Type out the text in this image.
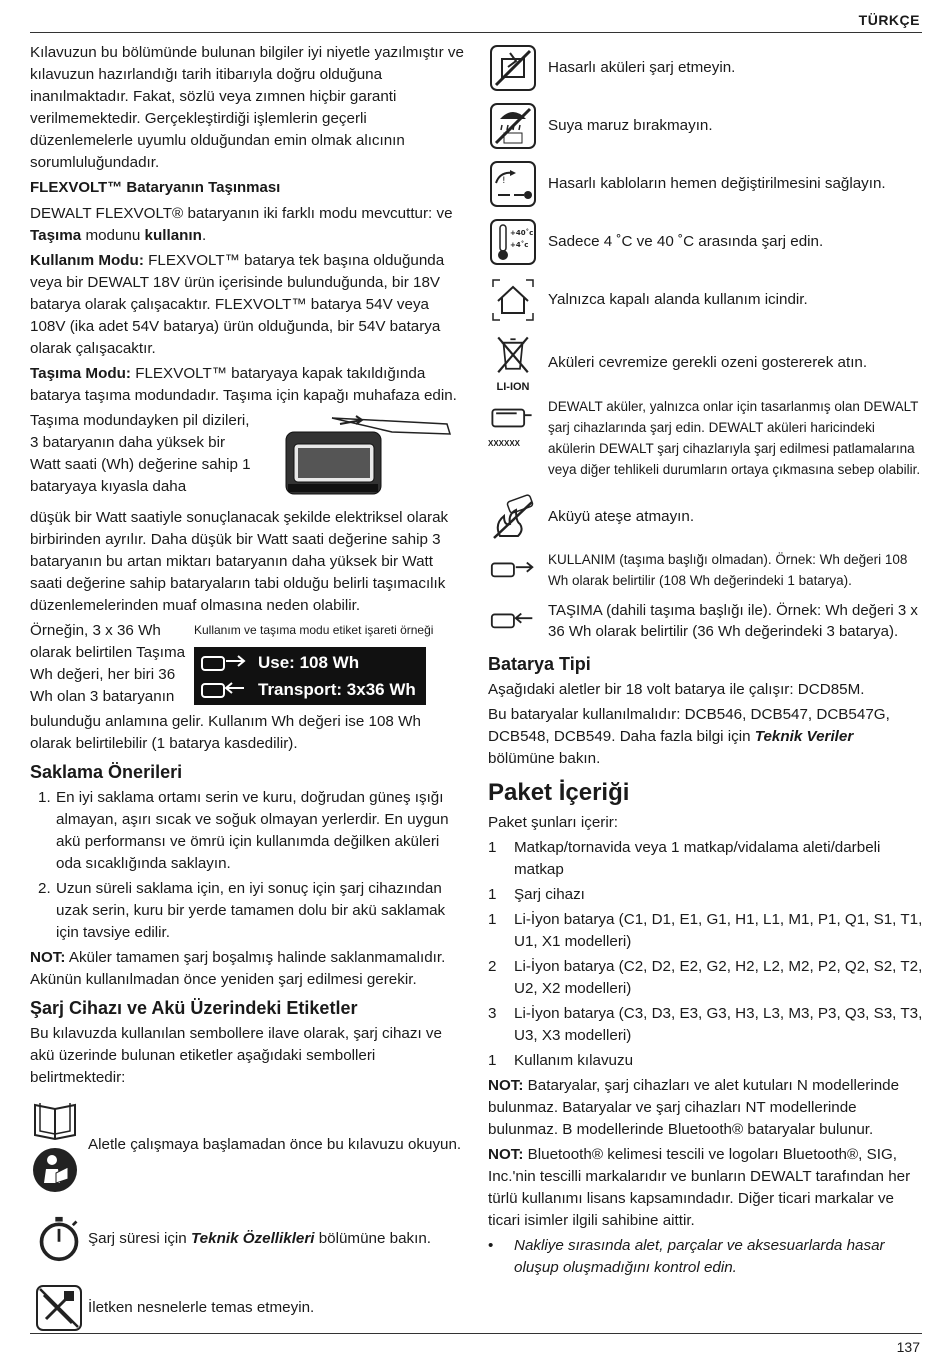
TÜRKÇE

Kılavuzun bu bölümünde bulunan bilgiler iyi niyetle yazılmıştır ve kılavuzun hazırlandığı tarih itibarıyla doğru olduğuna inanılmaktadır. Fakat, sözlü veya zımnen hiçbir garanti verilmemektedir. Gerçekleştirdiği işlemlerin geçerli düzenlemelerle uyumlu olduğundan emin olmak alıcının sorumluluğundadır.

FLEXVOLT™ Bataryanın Taşınması

DEWALT FLEXVOLT® bataryanın iki farklı modu mevcuttur: ve Taşıma modunu kullanın.

Kullanım Modu: FLEXVOLT™ batarya tek başına olduğunda veya bir DEWALT 18V ürün içerisinde bulunduğunda, bir 18V batarya olarak çalışacaktır. FLEXVOLT™ batarya 54V veya 108V (ika adet 54V batarya) ürün olduğunda, bir 54V batarya olarak çalışacaktır.

Taşıma Modu: FLEXVOLT™ bataryaya kapak takıldığında batarya taşıma modundadır. Taşıma için kapağı muhafaza edin.

Taşıma modundayken pil dizileri, 3 bataryanın daha yüksek bir Watt saati (Wh) değerine sahip 1 bataryaya kıyasla daha

düşük bir Watt saatiyle sonuçlanacak şekilde elektriksel olarak birbirinden ayrılır. Daha düşük bir Watt saati değerine sahip 3 bataryanın bu artan miktarı bataryanın daha yüksek bir Watt saati değerine sahip bataryaların tabi olduğu belirli taşımacılık düzenlemelerinden muaf olmasına neden olabilir.

Örneğin, 3 x 36 Wh olarak belirtilen Taşıma Wh değeri, her biri 36 Wh olan 3 bataryanın

Kullanım ve taşıma modu etiket işareti örneği
Use: 108 Wh
Transport: 3x36 Wh

bulunduğu anlamına gelir. Kullanım Wh değeri ise 108 Wh olarak belirtilebilir (1 batarya kasdedilir).

Saklama Önerileri
1. En iyi saklama ortamı serin ve kuru, doğrudan güneş ışığı almayan, aşırı sıcak ve soğuk olmayan yerlerdir. En uygun akü performansı ve ömrü için kullanımda değilken aküleri oda sıcaklığında saklayın.
2. Uzun süreli saklama için, en iyi sonuç için şarj cihazından uzak serin, kuru bir yerde tamamen dolu bir akü saklamak için tavsiye edilir.

NOT: Aküler tamamen şarj boşalmış halinde saklanmamalıdır. Akünün kullanılmadan önce yeniden şarj edilmesi gerekir.

Şarj Cihazı ve Akü Üzerindeki Etiketler

Bu kılavuzda kullanılan sembollere ilave olarak, şarj cihazı ve akü üzerinde bulunan etiketler aşağıdaki sembolleri belirtmektedir:

Aletle çalışmaya başlamadan önce bu kılavuzu okuyun.
Şarj süresi için Teknik Özellikleri bölümüne bakın.
İletken nesnelerle temas etmeyin.
Hasarlı aküleri şarj etmeyin.
Suya maruz bırakmayın.
!	Hasarlı kabloların hemen değiştirilmesini sağlayın.
+40˚c
+4˚c Sadece 4 ˚C ve 40 ˚C arasında şarj edin.
Yalnızca kapalı alanda kullanım icindir.
LI-ION
Aküleri cevremize gerekli ozeni gostererek atın.
XXXXXX

DEWALT aküler, yalnızca onlar için tasarlanmış olan DEWALT şarj cihazlarında şarj edin. DEWALT aküleri haricindeki akülerin DEWALT şarj cihazlarıyla şarj edilmesi patlamalarına veya diğer tehlikeli durumların ortaya çıkmasına sebep olabilir.

Aküyü ateşe atmayın.

KULLANIM (taşıma başlığı olmadan). Örnek: Wh değeri 108 Wh olarak belirtilir (108 Wh değerindeki 1 batarya).

TAŞIMA (dahili taşıma başlığı ile). Örnek: Wh değeri 3 x 36 Wh olarak belirtilir (36 Wh değerindeki 3 batarya).

Batarya Tipi

Aşağıdaki aletler bir 18 volt batarya ile çalışır: DCD85M.

Bu bataryalar kullanılmalıdır: DCB546, DCB547, DCB547G, DCB548, DCB549. Daha fazla bilgi için Teknik Veriler bölümüne bakın.

Paket İçeriği

Paket şunları içerir:

1	Matkap/tornavida veya 1 matkap/vidalama aleti/darbeli matkap
1	Şarj cihazı
1	Li-İyon batarya (C1, D1, E1, G1, H1, L1, M1, P1, Q1, S1, T1, U1, X1 modelleri)
2	Li-İyon batarya (C2, D2, E2, G2, H2, L2, M2, P2, Q2, S2, T2, U2, X2 modelleri)
3	Li-İyon batarya (C3, D3, E3, G3, H3, L3, M3, P3, Q3, S3, T3, U3, X3 modelleri)
1	Kullanım kılavuzu

NOT: Bataryalar, şarj cihazları ve alet kutuları N modellerinde bulunmaz. Bataryalar ve şarj cihazları NT modellerinde bulunmaz. B modellerinde Bluetooth® bataryalar bulunur.

NOT: Bluetooth® kelimesi tescili ve logoları Bluetooth®, SIG, Inc.'nin tescilli markalarıdır ve bunların DEWALT tarafından her türlü kullanımı lisans kapsamındadır. Diğer ticari markalar ve ticari isimler ilgili sahibine aittir.

•	Nakliye sırasında alet, parçalar ve aksesuarlarda hasar oluşup oluşmadığını kontrol edin.
137
